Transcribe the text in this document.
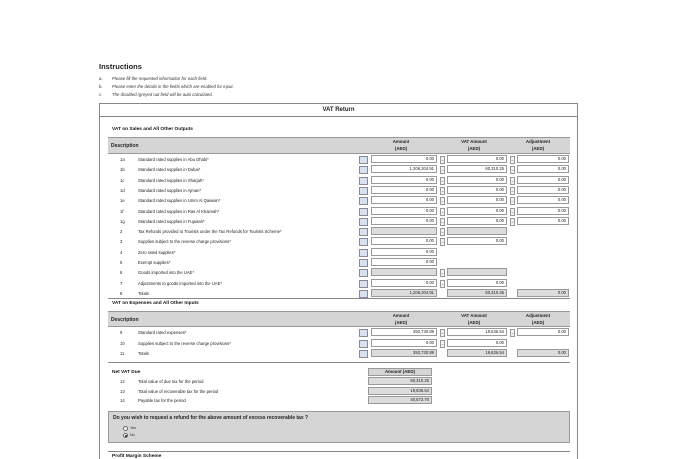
Instructions
a.	Please fill the requested information for each field.
b.	Please enter the details in the fields which are enabled for input.
c.	The disabled /greyed out field will be auto calculated.
VAT Return
VAT on Sales and All Other Outputs
Description
Amount
(AED)
VAT Amount
(AED)
Adjustment
(AED)
1a	Standard rated supplies in Abu Dhabi*	0.00	–	0.00	–	0.00
1b	Standard rated supplies in Dubai*	1,206,204.91	–	60,310.25	–	0.00
1c	Standard rated supplies in Sharjah*	0.00	–	0.00	–	0.00
1d	Standard rated supplies in Ajman*	0.00	–	0.00	–	0.00
1e	Standard rated supplies in Umm Al Qaiwain*	0.00	–	0.00	–	0.00
1f	Standard rated supplies in Ras Al Khaimah*	0.00	–	0.00	–	0.00
1g	Standard rated supplies in Fujairah*	0.00	–	0.00	–	0.00
2	Tax Refunds provided to Tourists under the Tax Refunds for Tourists Scheme*	–
3	Supplies subject to the reverse charge provisions*	0.00	–	0.00
4	Zero rated supplies*	0.00
5	Exempt supplies*	0.00
6	Goods imported into the UAE*	–
7	Adjustments to goods imported into the UAE*	0.00	–	0.00
8	Totals	1,206,204.91	60,310.25	0.00
VAT on Expenses and All Other Inputs
Description
Amount
(AED)
VAT Amount
(AED)
Adjustment
(AED)
9	Standard rated expenses*	392,730.89	–	19,636.54	–	0.00
10	Supplies subject to the reverse charge provisions*	0.00	–	0.00
11	Totals	392,730.89	19,636.54	0.00
Net VAT Due	Amount (AED)
12	Total value of due tax for the period	60,310.25
13	Total value of recoverable tax for the period	19,636.54
14	Payable tax for the period	40,673.70
Do you wish to request a refund for the above amount of excess recoverable tax ?
Yes
No
Profit Margin Scheme
